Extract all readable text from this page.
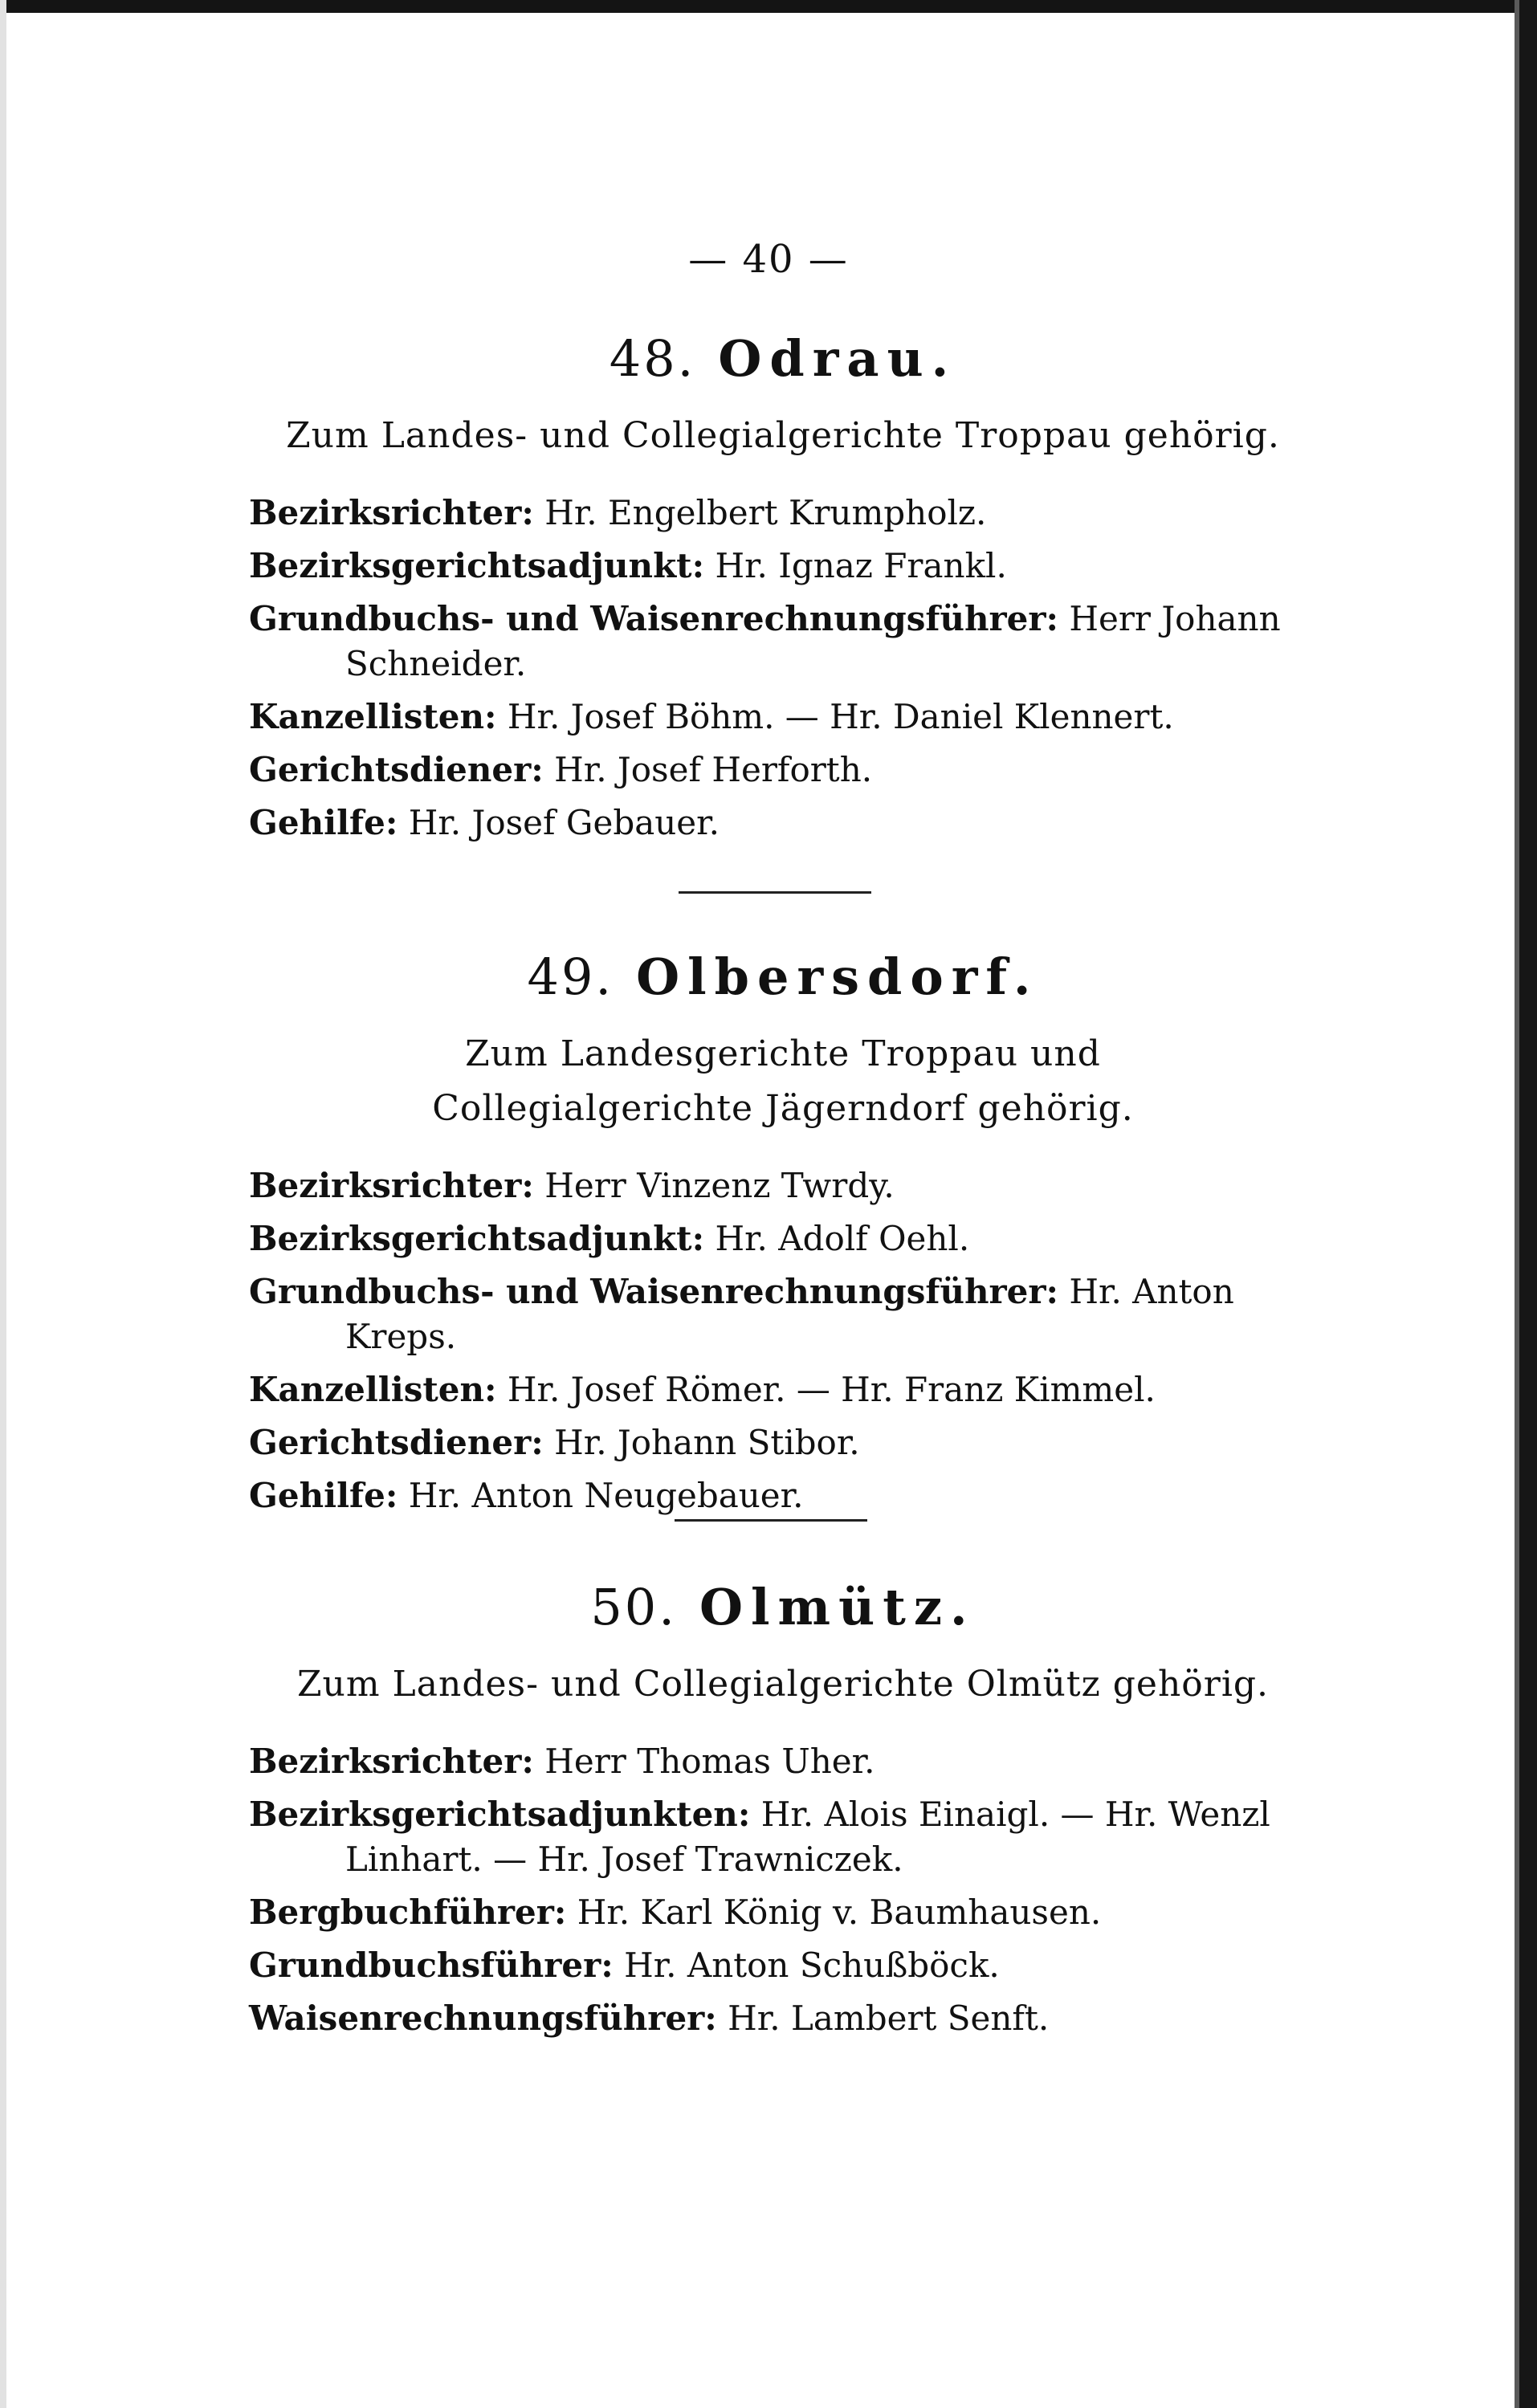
— 40 —
48. Odrau.
Zum Landes- und Collegialgerichte Troppau gehörig.
Bezirksrichter: Hr. Engelbert Krumpholz.
Bezirksgerichtsadjunkt: Hr. Ignaz Frankl.
Grundbuchs- und Waisenrechnungsführer: Herr Johann Schneider.
Kanzellisten: Hr. Josef Böhm. — Hr. Daniel Klennert.
Gerichtsdiener: Hr. Josef Herforth.
Gehilfe: Hr. Josef Gebauer.
49. Olbersdorf.
Zum Landesgerichte Troppau und Collegialgerichte Jägerndorf gehörig.
Bezirksrichter: Herr Vinzenz Twrdy.
Bezirksgerichtsadjunkt: Hr. Adolf Oehl.
Grundbuchs- und Waisenrechnungsführer: Hr. Anton Kreps.
Kanzellisten: Hr. Josef Römer. — Hr. Franz Kimmel.
Gerichtsdiener: Hr. Johann Stibor.
Gehilfe: Hr. Anton Neugebauer.
50. Olmütz.
Zum Landes- und Collegialgerichte Olmütz gehörig.
Bezirksrichter: Herr Thomas Uher.
Bezirksgerichtsadjunkten: Hr. Alois Einaigl. — Hr. Wenzl Linhart. — Hr. Josef Trawniczek.
Bergbuchführer: Hr. Karl König v. Baumhausen.
Grundbuchsführer: Hr. Anton Schußböck.
Waisenrechnungsführer: Hr. Lambert Senft.
